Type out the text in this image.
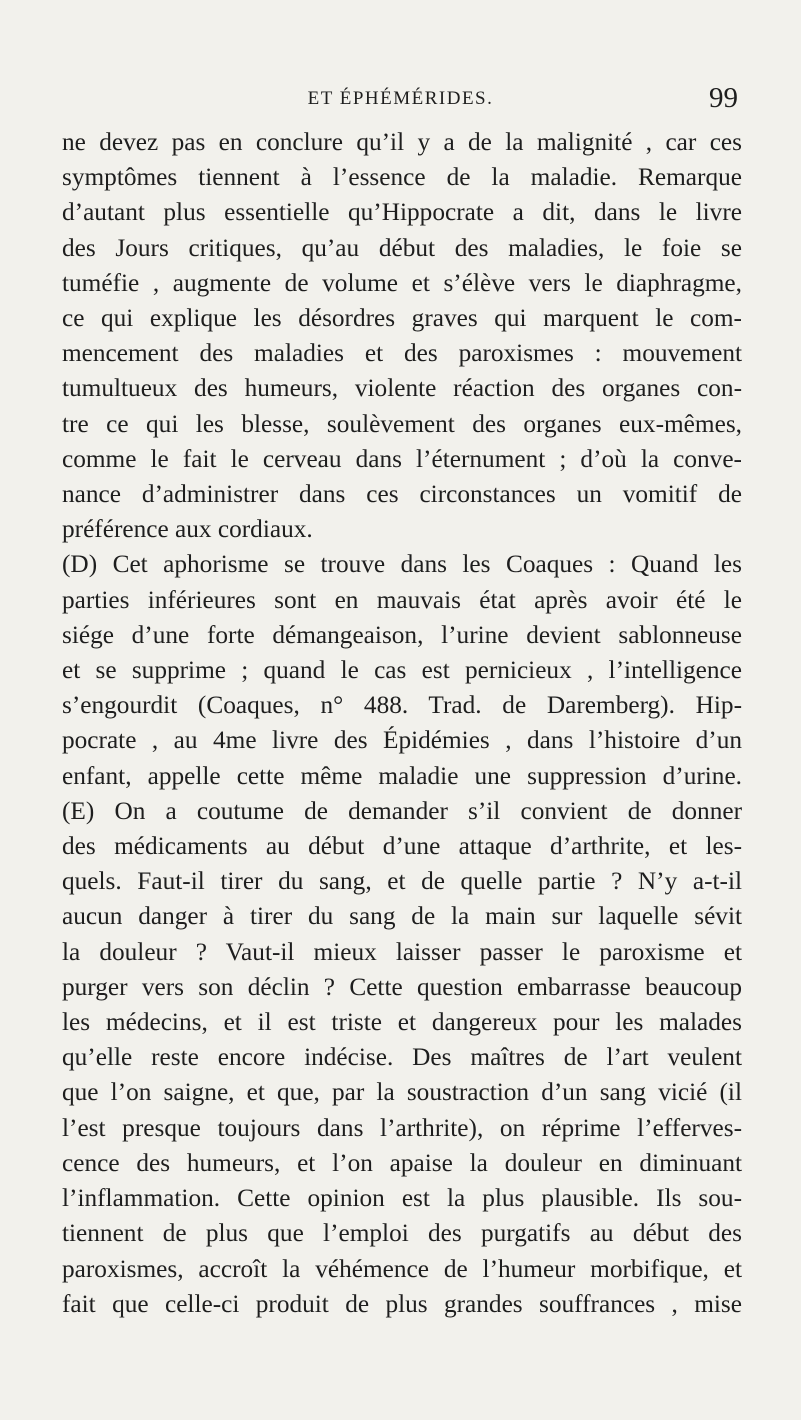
ET ÉPHÉMÉRIDES.	99
ne devez pas en conclure qu’il y a de la malignité , car ces
symptômes tiennent à l’essence de la maladie. Remarque
d’autant plus essentielle qu’Hippocrate a dit, dans le livre
des Jours critiques, qu’au début des maladies, le foie se
tuméfie , augmente de volume et s’élève vers le diaphragme,
ce qui explique les désordres graves qui marquent le com-
mencement des maladies et des paroxismes : mouvement
tumultueux des humeurs, violente réaction des organes con-
tre ce qui les blesse, soulèvement des organes eux-mêmes,
comme le fait le cerveau dans l’éternument ; d’où la conve-
nance d’administrer dans ces circonstances un vomitif de
préférence aux cordiaux.
(D) Cet aphorisme se trouve dans les Coaques : Quand les
parties inférieures sont en mauvais état après avoir été le
siége d’une forte démangeaison, l’urine devient sablonneuse
et se supprime ; quand le cas est pernicieux , l’intelligence
s’engourdit (Coaques, n° 488. Trad. de Daremberg). Hip-
pocrate , au 4me livre des Épidémies , dans l’histoire d’un
enfant, appelle cette même maladie une suppression d’urine.
(E) On a coutume de demander s’il convient de donner
des médicaments au début d’une attaque d’arthrite, et les-
quels. Faut-il tirer du sang, et de quelle partie ? N’y a-t-il
aucun danger à tirer du sang de la main sur laquelle sévit
la douleur ? Vaut-il mieux laisser passer le paroxisme et
purger vers son déclin ? Cette question embarrasse beaucoup
les médecins, et il est triste et dangereux pour les malades
qu’elle reste encore indécise. Des maîtres de l’art veulent
que l’on saigne, et que, par la soustraction d’un sang vicié (il
l’est presque toujours dans l’arthrite), on réprime l’efferves-
cence des humeurs, et l’on apaise la douleur en diminuant
l’inflammation. Cette opinion est la plus plausible. Ils sou-
tiennent de plus que l’emploi des purgatifs au début des
paroxismes, accroît la véhémence de l’humeur morbifique, et
fait que celle-ci produit de plus grandes souffrances , mise
